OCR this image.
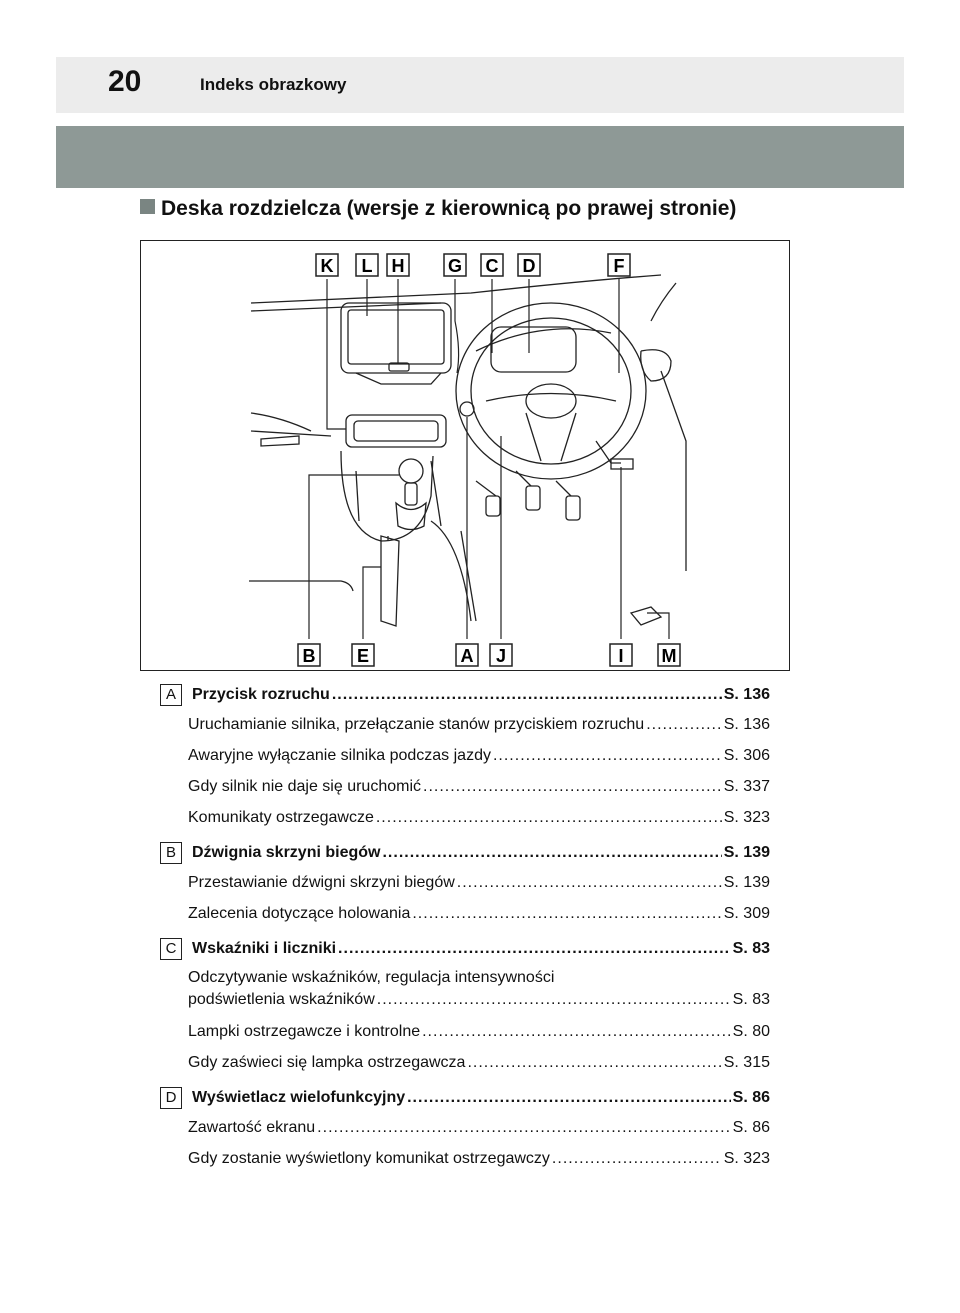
20	Indeks obrazkowy
Deska rozdzielcza (wersje z kierownicą po prawej stronie)
K L H G C D	F
B E	A J	I M
A	Przycisk rozruchu .....	S. 136
Uruchamianie silnika, przełączanie stanów przyciskiem rozruchu .....	S. 136
Awaryjne wyłączanie silnika podczas jazdy .....	S. 306
Gdy silnik nie daje się uruchomić .....	S. 337
Komunikaty ostrzegawcze .....	S. 323
B	Dźwignia skrzyni biegów .....	S. 139
Przestawianie dźwigni skrzyni biegów .....	S. 139
Zalecenia dotyczące holowania .....	S. 309
C Wskaźniki i liczniki .....	S. 83
Odczytywanie wskaźników, regulacja intensywności
podświetlenia wskaźników .....	S. 83
Lampki ostrzegawcze i kontrolne .....	S. 80
Gdy zaświeci się lampka ostrzegawcza .....	S. 315
D Wyświetlacz wielofunkcyjny .....	S. 86
Zawartość ekranu .....	S. 86
Gdy zostanie wyświetlony komunikat ostrzegawczy .....	S. 323
